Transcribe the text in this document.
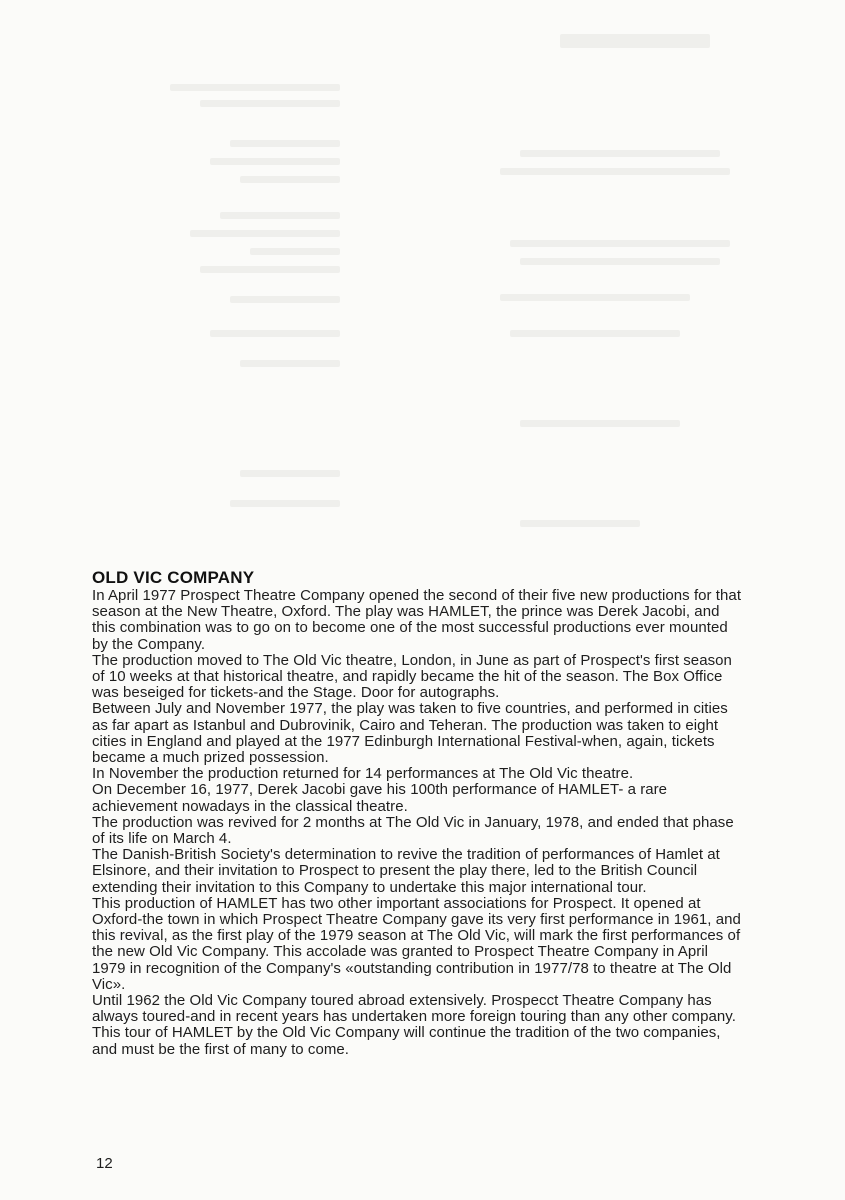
OLD VIC COMPANY

In April 1977 Prospect Theatre Company opened the second of their five new productions for that season at the New Theatre, Oxford. The play was HAMLET, the prince was Derek Jacobi, and this combination was to go on to become one of the most successful productions ever mounted by the Company.

The production moved to The Old Vic theatre, London, in June as part of Prospect's first season of 10 weeks at that historical theatre, and rapidly became the hit of the season. The Box Office was beseiged for tickets-and the Stage. Door for autographs.

Between July and November 1977, the play was taken to five countries, and performed in cities as far apart as Istanbul and Dubrovinik, Cairo and Teheran. The production was taken to eight cities in England and played at the 1977 Edinburgh International Festival-when, again, tickets became a much prized possession.

In November the production returned for 14 performances at The Old Vic theatre.

On December 16, 1977, Derek Jacobi gave his 100th performance of HAMLET- a rare achievement nowadays in the classical theatre.

The production was revived for 2 months at The Old Vic in January, 1978, and ended that phase of its life on March 4.

The Danish-British Society's determination to revive the tradition of performances of Hamlet at Elsinore, and their invitation to Prospect to present the play there, led to the British Council extending their invitation to this Company to undertake this major international tour.

This production of HAMLET has two other important associations for Prospect. It opened at Oxford-the town in which Prospect Theatre Company gave its very first performance in 1961, and this revival, as the first play of the 1979 season at The Old Vic, will mark the first performances of the new Old Vic Company. This accolade was granted to Prospect Theatre Company in April 1979 in recognition of the Company's «outstanding contribution in 1977/78 to theatre at The Old Vic».

Until 1962 the Old Vic Company toured abroad extensively. Prospecct Theatre Company has always toured-and in recent years has undertaken more foreign touring than any other company.

This tour of HAMLET by the Old Vic Company will continue the tradition of the two companies, and must be the first of many to come.

12
